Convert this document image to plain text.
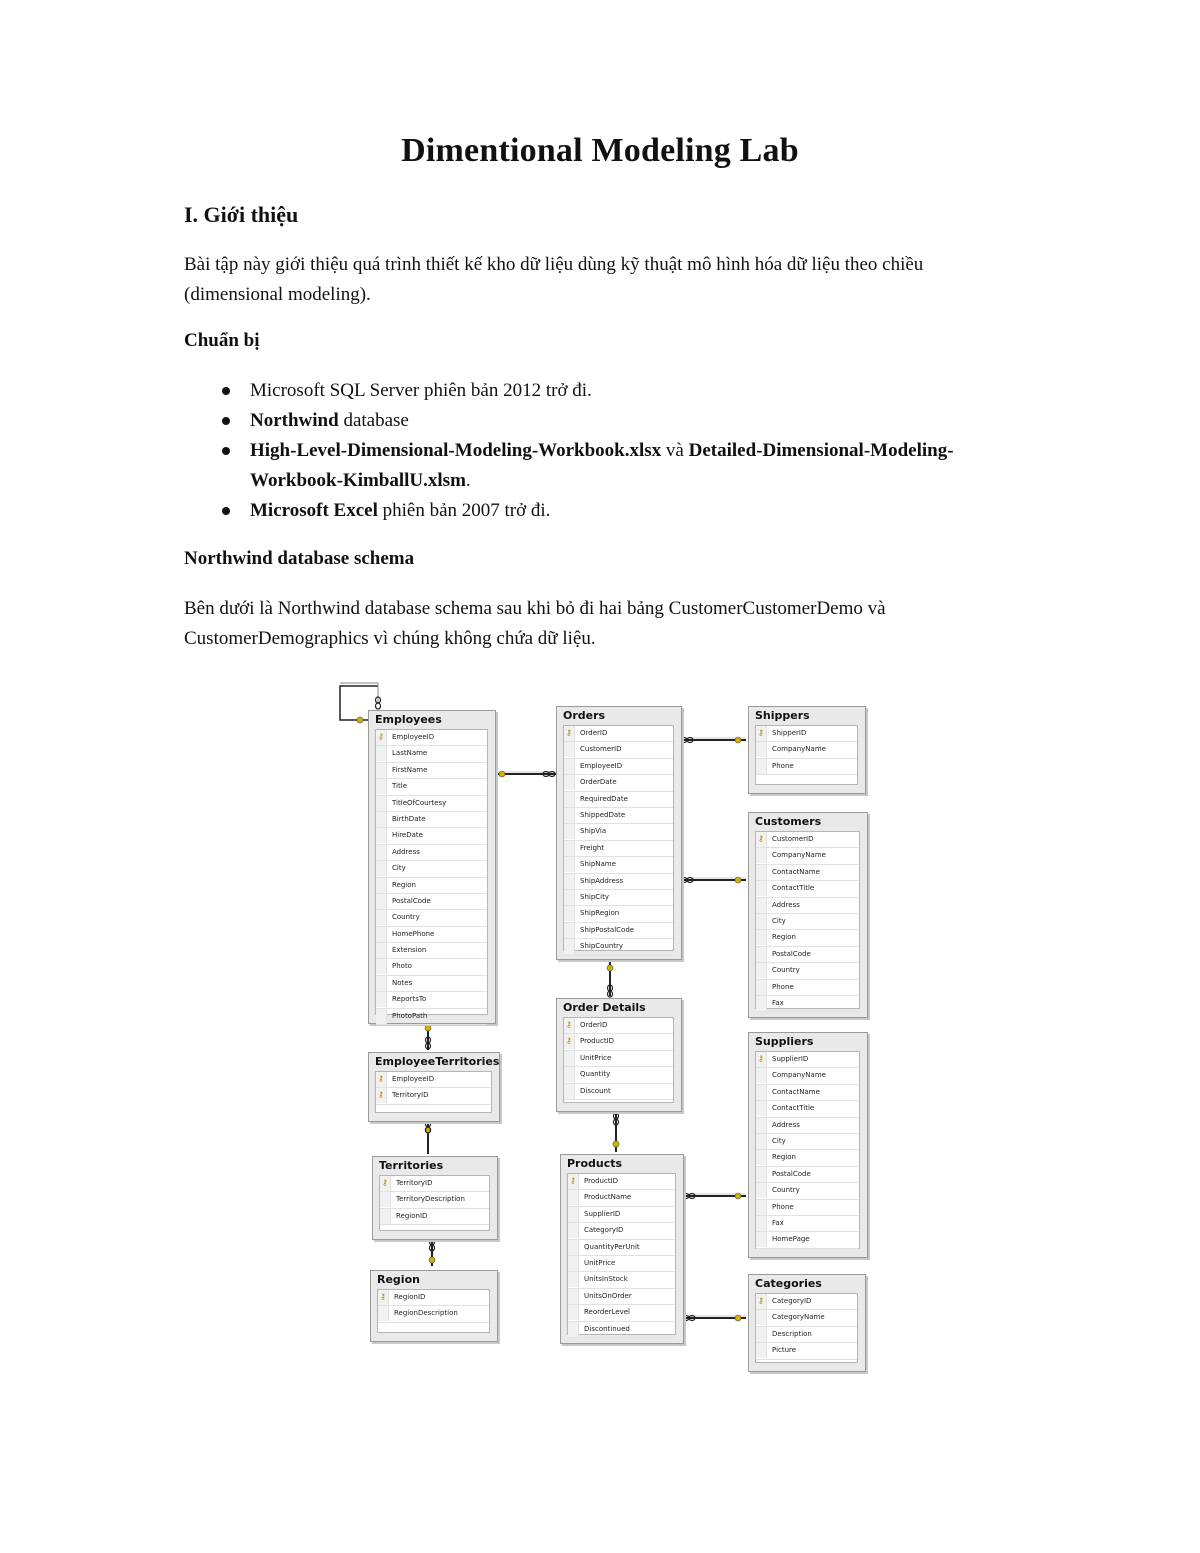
Dimentional Modeling Lab
I. Giới thiệu

Bài tập này giới thiệu quá trình thiết kế kho dữ liệu dùng kỹ thuật mô hình hóa dữ liệu theo chiều (dimensional modeling).

Chuẩn bị
Microsoft SQL Server phiên bản 2012 trở đi.
Northwind database
High-Level-Dimensional-Modeling-Workbook.xlsx và Detailed-Dimensional-Modeling-Workbook-KimballU.xlsm.
Microsoft Excel phiên bản 2007 trở đi.
Northwind database schema

Bên dưới là Northwind database schema sau khi bỏ đi hai bảng CustomerCustomerDemo và CustomerDemographics vì chúng không chứa dữ liệu.

Employees
⚷ EmployeeID
LastName
FirstName
Title
TitleOfCourtesy
BirthDate
HireDate
Address
City
Region
PostalCode
Country
HomePhone
Extension
Photo
Notes
ReportsTo
PhotoPath
EmployeeTerritories
⚷ EmployeeID
⚷ TerritoryID
Territories
⚷ TerritoryID
TerritoryDescription
RegionID
Region
⚷ RegionID
RegionDescription
Orders
⚷ OrderID
CustomerID
EmployeeID
OrderDate
RequiredDate
ShippedDate
ShipVia
Freight
ShipName
ShipAddress
ShipCity
ShipRegion
ShipPostalCode
ShipCountry
Order Details
⚷ OrderID
⚷ ProductID
UnitPrice
Quantity
Discount
Products
⚷ ProductID
ProductName
SupplierID
CategoryID
QuantityPerUnit
UnitPrice
UnitsInStock
UnitsOnOrder
ReorderLevel
Discontinued
Shippers
⚷ ShipperID
CompanyName
Phone
Customers
⚷ CustomerID
CompanyName
ContactName
ContactTitle
Address
City
Region
PostalCode
Country
Phone
Fax
Suppliers
⚷ SupplierID
CompanyName
ContactName
ContactTitle
Address
City
Region
PostalCode
Country
Phone
Fax
HomePage
Categories
⚷ CategoryID
CategoryName
Description
Picture
